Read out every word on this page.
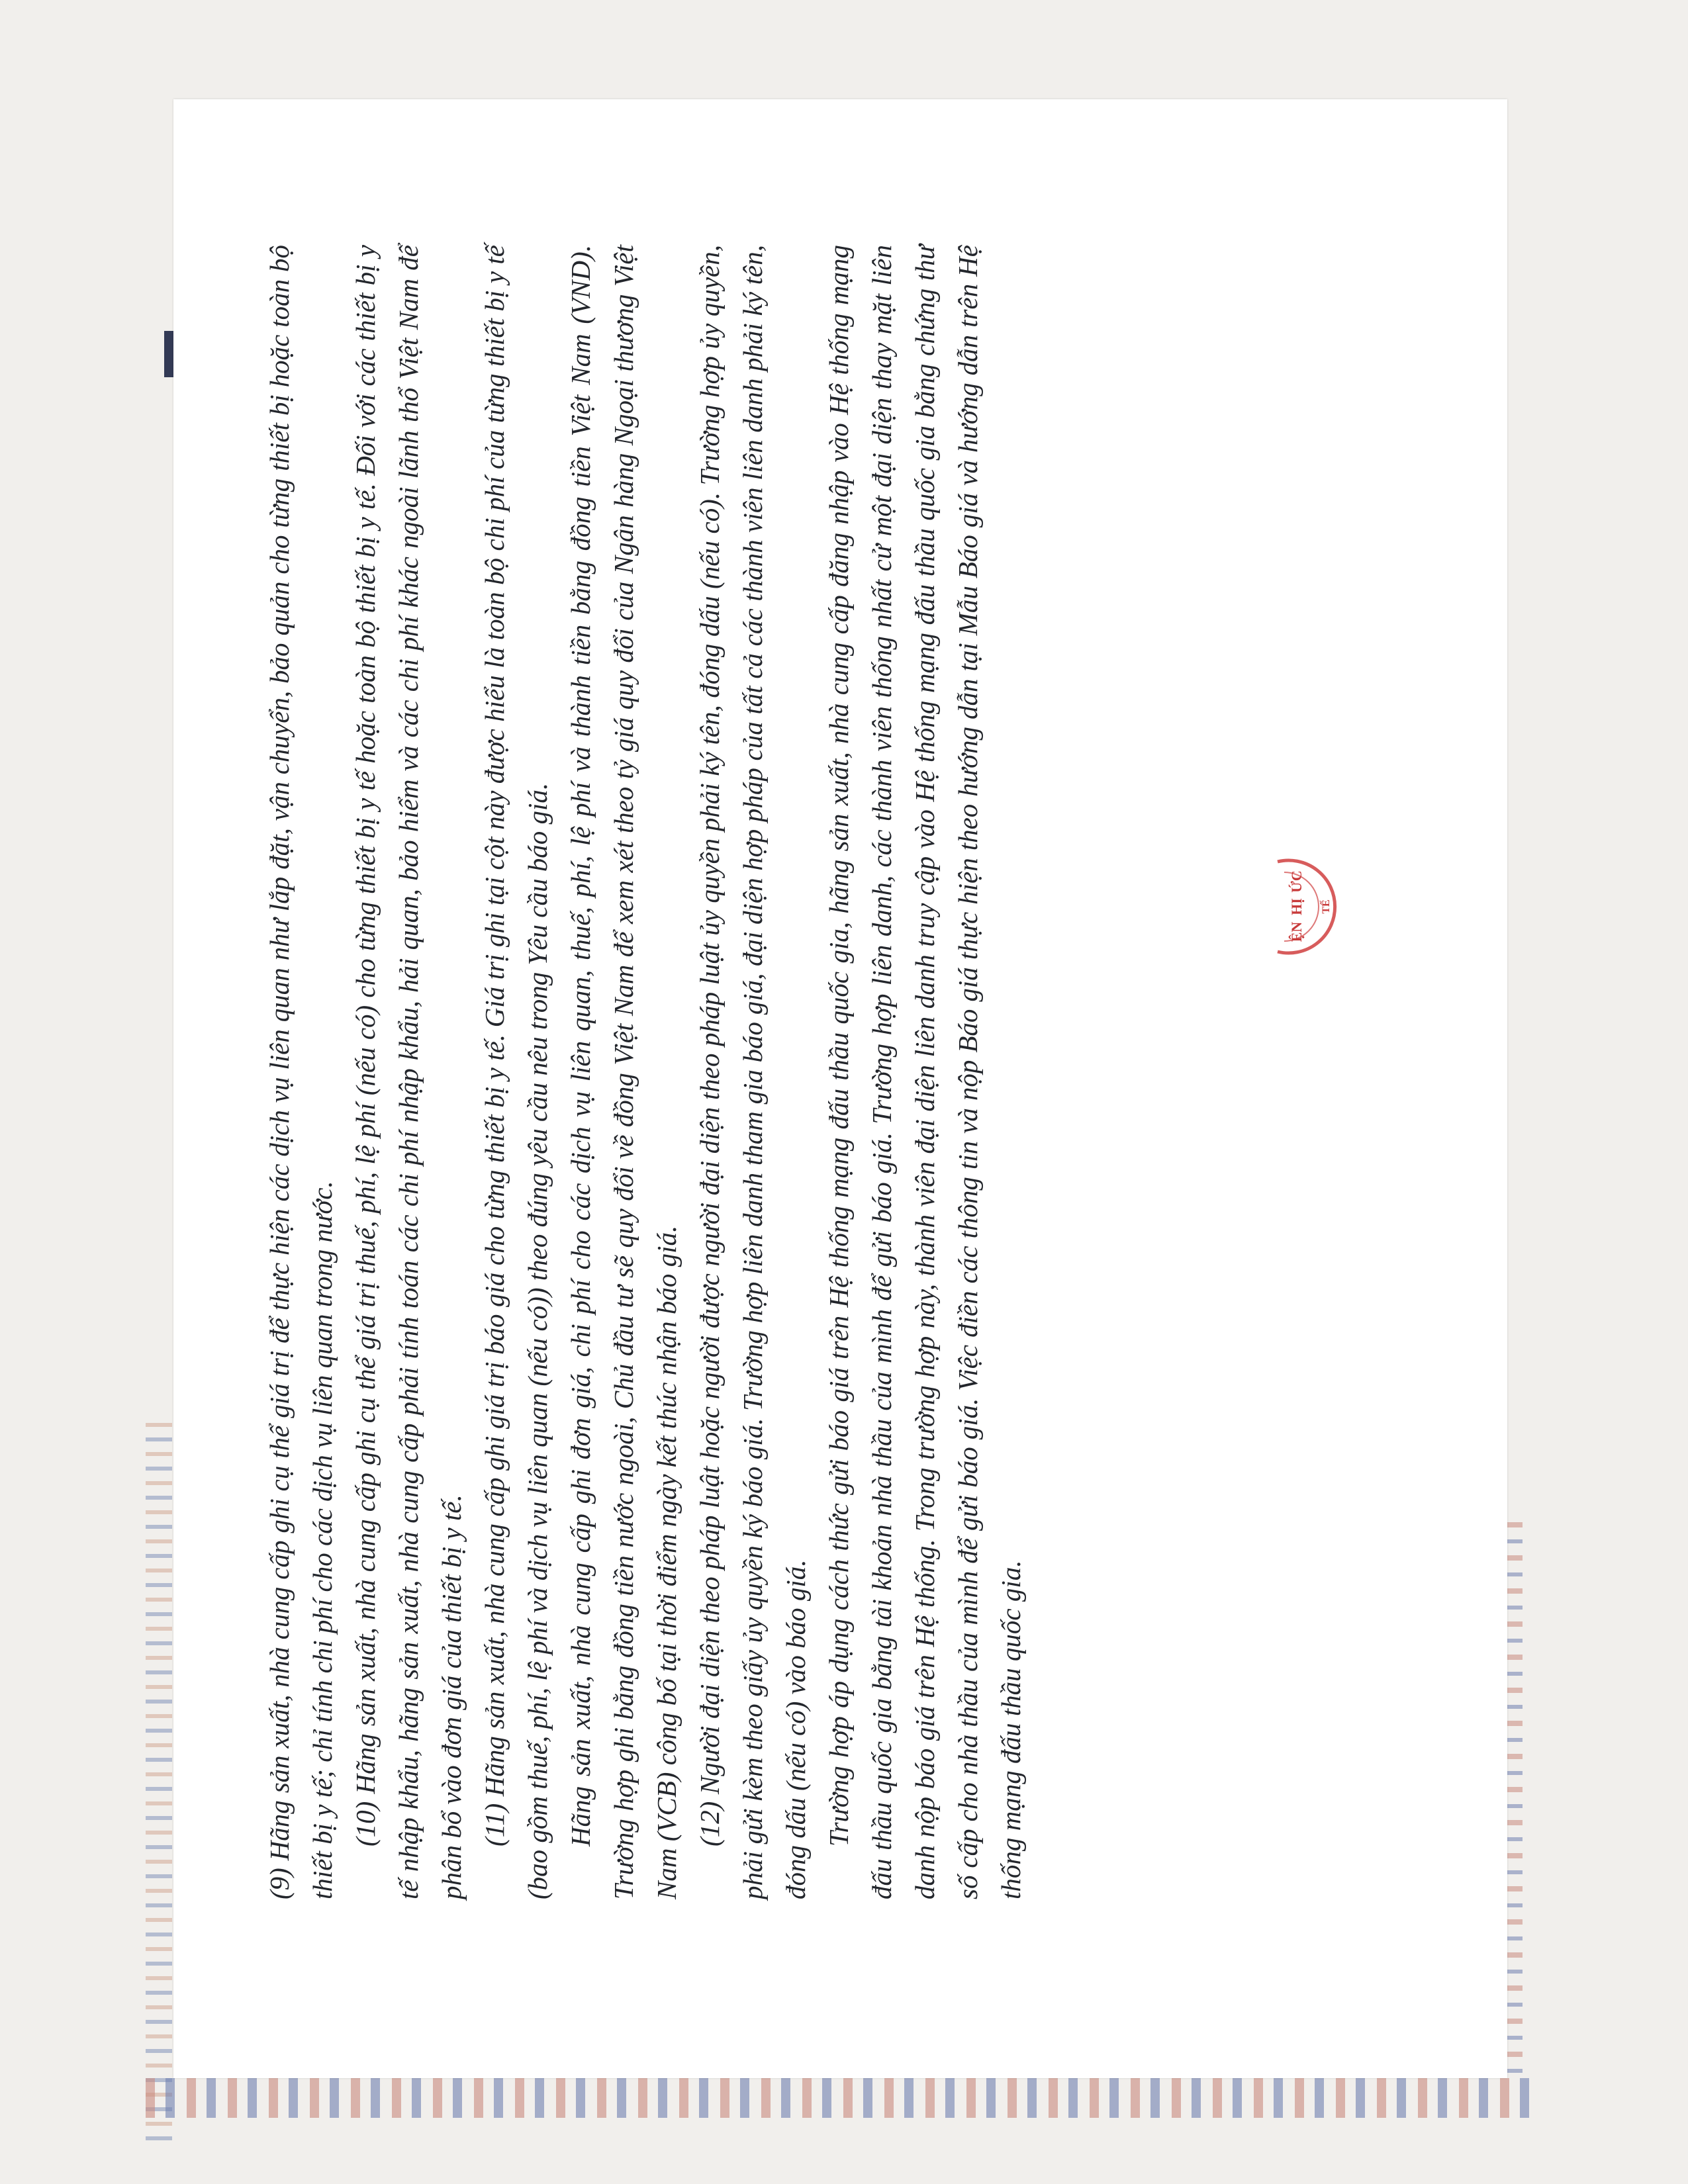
(9) Hãng sản xuất, nhà cung cấp ghi cụ thể giá trị để thực hiện các dịch vụ liên quan như lắp đặt, vận chuyển, bảo quản cho từng thiết bị hoặc toàn bộ thiết bị y tế; chỉ tính chi phí cho các dịch vụ liên quan trong nước. (10) Hãng sản xuất, nhà cung cấp ghi cụ thể giá trị thuế, phí, lệ phí (nếu có) cho từng thiết bị y tế hoặc toàn bộ thiết bị y tế. Đối với các thiết bị y tế nhập khẩu, hãng sản xuất, nhà cung cấp phải tính toán các chi phí nhập khẩu, hải quan, bảo hiểm và các chi phí khác ngoài lãnh thổ Việt Nam để phân bổ vào đơn giá của thiết bị y tế. (11) Hãng sản xuất, nhà cung cấp ghi giá trị báo giá cho từng thiết bị y tế. Giá trị ghi tại cột này được hiểu là toàn bộ chi phí của từng thiết bị y tế (bao gồm thuế, phí, lệ phí và dịch vụ liên quan (nếu có)) theo đúng yêu cầu nêu trong Yêu cầu báo giá. Hãng sản xuất, nhà cung cấp ghi đơn giá, chi phí cho các dịch vụ liên quan, thuế, phí, lệ phí và thành tiền bằng đồng tiền Việt Nam (VND). Trường hợp ghi bằng đồng tiền nước ngoài, Chủ đầu tư sẽ quy đổi về đồng Việt Nam để xem xét theo tỷ giá quy đổi của Ngân hàng Ngoại thương Việt Nam (VCB) công bố tại thời điểm ngày kết thúc nhận báo giá. (12) Người đại diện theo pháp luật hoặc người được người đại diện theo pháp luật ủy quyền phải ký tên, đóng dấu (nếu có). Trường hợp ủy quyền, phải gửi kèm theo giấy ủy quyền ký báo giá. Trường hợp liên danh tham gia báo giá, đại diện hợp pháp của tất cả các thành viên liên danh phải ký tên, đóng dấu (nếu có) vào báo giá. Trường hợp áp dụng cách thức gửi báo giá trên Hệ thống mạng đấu thầu quốc gia, hãng sản xuất, nhà cung cấp đăng nhập vào Hệ thống mạng đấu thầu quốc gia bằng tài khoản nhà thầu của mình để gửi báo giá. Trường hợp liên danh, các thành viên thống nhất cử một đại diện thay mặt liên danh nộp báo giá trên Hệ thống. Trong trường hợp này, thành viên đại diện liên danh truy cập vào Hệ thống mạng đấu thầu quốc gia bằng chứng thư số cấp cho nhà thầu của mình để gửi báo giá. Việc điền các thông tin và nộp Báo giá thực hiện theo hướng dẫn tại Mẫu Báo giá và hướng dẫn trên Hệ thống mạng đấu thầu quốc gia.

ỆN
HỊ
ỨC
TẾ
